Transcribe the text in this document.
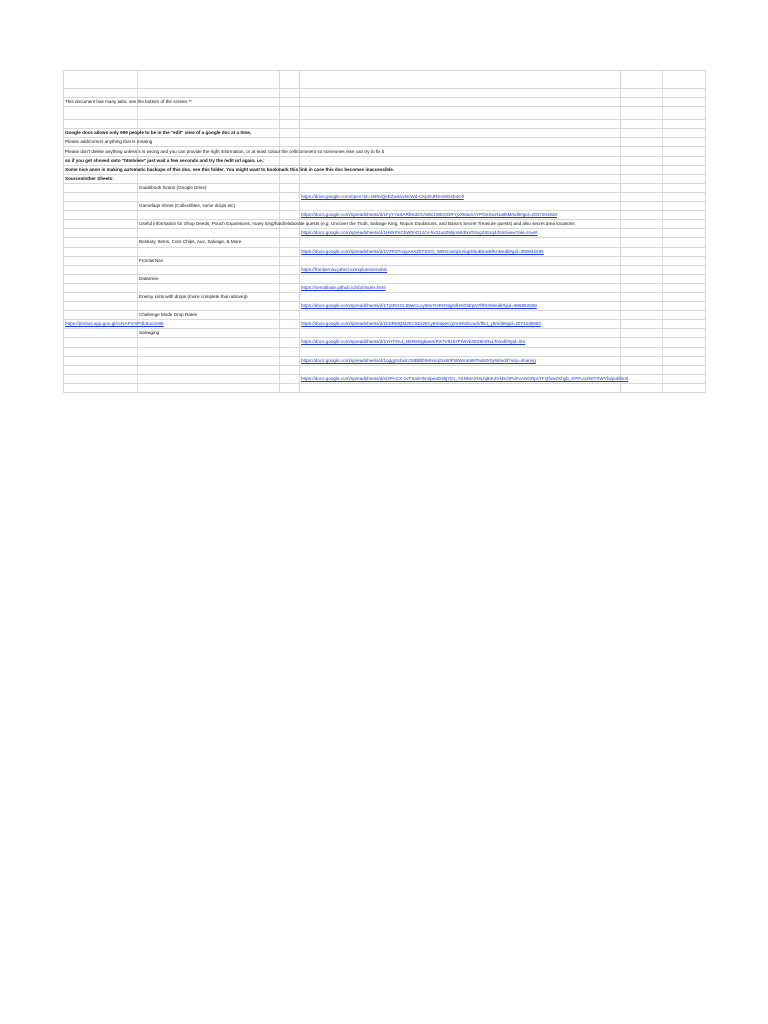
This document has many tabs, see the bottom of the screen **					

Google docs allows only 999 people to be in the "edit" view of a google doc at a time,					
Please add/correct anything that is missing					
Please don't delete anything unless it is wrong and you can provide the right information, or at least colour the cell/comment so someones else can try to fix it					
so if you get shoved onto "htmlview" just wait a few seconds and try the /edit url again, i.e.:					
Some nice anon is making automatic backups of this doc, see this folder. You might want to bookmark this link in case this doc becomes inaccessible.					
Sources/other Sheets:					
	Guidebook Scans (Google Drive)				
			https://drive.google.com/open?id=1kRNQeEZwswvNcWd-CXjdSJRbAMOeb4Oll		
	Gamefaqs Sheet (Collectibles, some drops etc)				
			https://docs.google.com/spreadsheets/d/1FyYYaSARbKdzGAWE1WEGORYjvXMamAYPGeXwzNa9kM/edit#gid=2037291920		
	Useful information for Shop Deeds, Pouch Expansions, many long/hard/elaborate quests (e.g. Uncover the Truth, Salvage King, Nopon Doubloons, and Bana's Secret Treasure quests) and also secret area locations				
			https://docs.google.com/spreadsheets/d/1HKkPnCbW0nO1JcV-hv21usZMijmWdtxVh3vgSrEsq4/htmlview?ale=true#		
	Bestiary, Items, Core Chips, Aux, Salvage, & More				
			https://docs.google.com/spreadsheets/d/1VTPZ7nqyAsXZbTSSO_WDsCw6qSAkgIDkuBmw8fKABedit#gid=360842595		
	FrontierNav				
			https://frontiernav.jahed.io/explore/xenoblx		
	Datamine				
			https://xenoblade.github.io/xb2/index.html		
	Enemy Lists with drops (more complete than above)p				
			https://docs.google.com/spreadsheets/d/1TjSRGCL58wCLuy50xYHRGNqjNfHKDl3rpN7fR04M/edit#gid=906882058		
	Challenge Mode Drop Rates				
https://photos.app.goo.gl/ccNAFVmPdLBuozn86			https://docs.google.com/spreadsheets/d/1hSRMQMJKC6Zx2Ecy8Xi5peCgVmNVEUudVfl5J_y5/edit#gid=2074238950		
	Salvaging				
			https://docs.google.com/spreadsheets/d/1YHT8AJ_t4kR9Ogkwes/RX7V9187FrWvb4EZ8mRxLTo/edit#gid=0m		

			https://docs.google.com/spreadsheets/d/1oggjScbi4cG8BBf0rMnmq/Sx80Fb8Wmm89Tw93XSyW/edit?usp=sharing		

			https://docs.google.com/spreadsheets/d/e/2PACX-1vTSahHhmlpeaD38jYDI_ASNMAXMLbj8IKZVkDchPdXvANGRpcTFQfuw2Xhgb_XPFUoz9eTXWYfo/pubhtml		
